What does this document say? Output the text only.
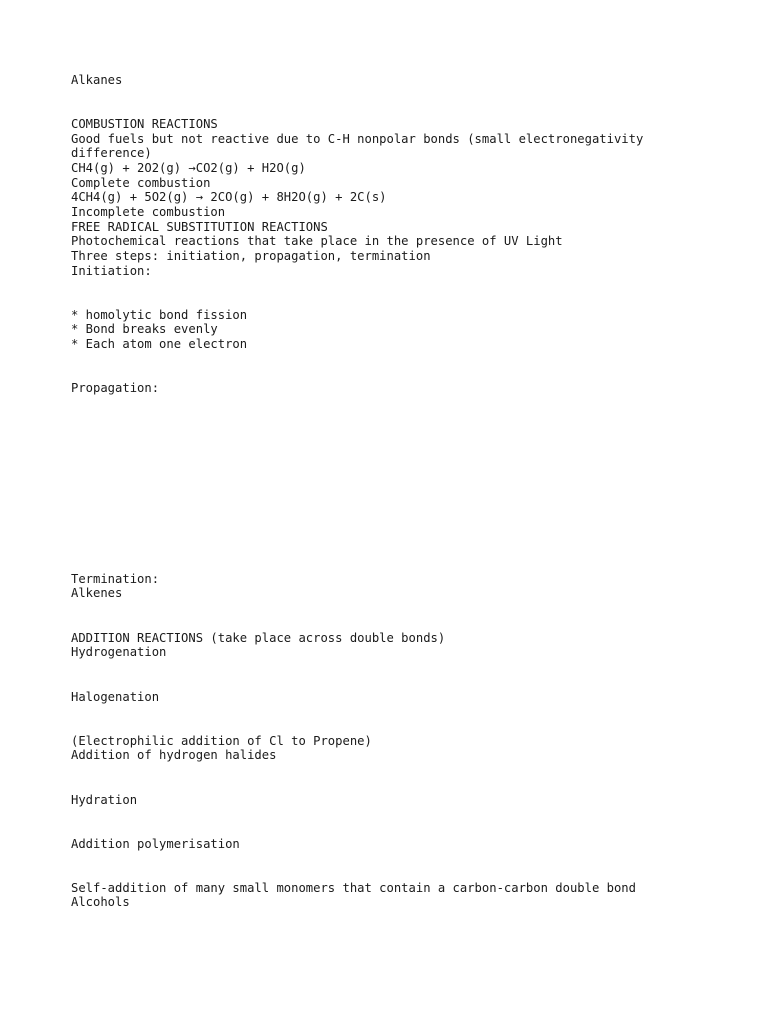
Alkanes
COMBUSTION REACTIONS
Good fuels but not reactive due to C-H nonpolar bonds (small electronegativity
difference)
CH4(g) + 2O2(g) →CO2(g) + H2O(g)
Complete combustion
4CH4(g) + 5O2(g) → 2CO(g) + 8H2O(g) + 2C(s)
Incomplete combustion
FREE RADICAL SUBSTITUTION REACTIONS
Photochemical reactions that take place in the presence of UV Light
Three steps: initiation, propagation, termination
Initiation:
* homolytic bond fission
* Bond breaks evenly
* Each atom one electron
Propagation:
Termination:
Alkenes
ADDITION REACTIONS (take place across double bonds)
Hydrogenation
Halogenation
(Electrophilic addition of Cl to Propene)
Addition of hydrogen halides
Hydration
Addition polymerisation
Self-addition of many small monomers that contain a carbon-carbon double bond
Alcohols
